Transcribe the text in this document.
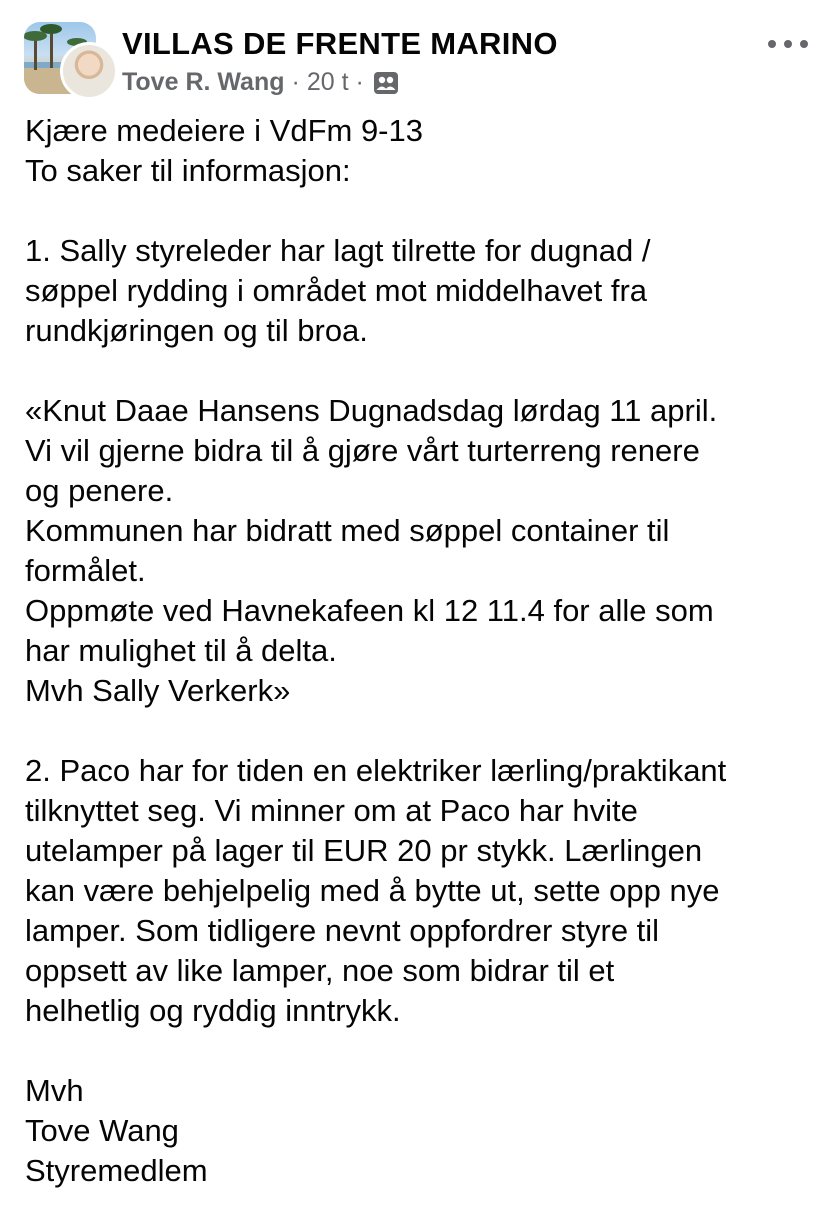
VILLAS DE FRENTE MARINO
Tove R. Wang · 20 t ·
Kjære medeiere i VdFm 9-13
To saker til informasjon:

1. Sally styreleder har lagt tilrette for dugnad /
søppel rydding i området mot middelhavet fra
rundkjøringen og til broa.

«Knut Daae Hansens Dugnadsdag lørdag 11 april.
Vi vil gjerne bidra til å gjøre vårt turterreng renere
og penere.
Kommunen har bidratt med søppel container til
formålet.
Oppmøte ved Havnekafeen kl 12 11.4 for alle som
har mulighet til å delta.
Mvh Sally Verkerk»

2. Paco har for tiden en elektriker lærling/praktikant
tilknyttet seg. Vi minner om at Paco har hvite
utelamper på lager til EUR 20 pr stykk. Lærlingen
kan være behjelpelig med å bytte ut, sette opp nye
lamper. Som tidligere nevnt oppfordrer styre til
oppsett av like lamper, noe som bidrar til et
helhetlig og ryddig inntrykk.

Mvh
Tove Wang
Styremedlem
